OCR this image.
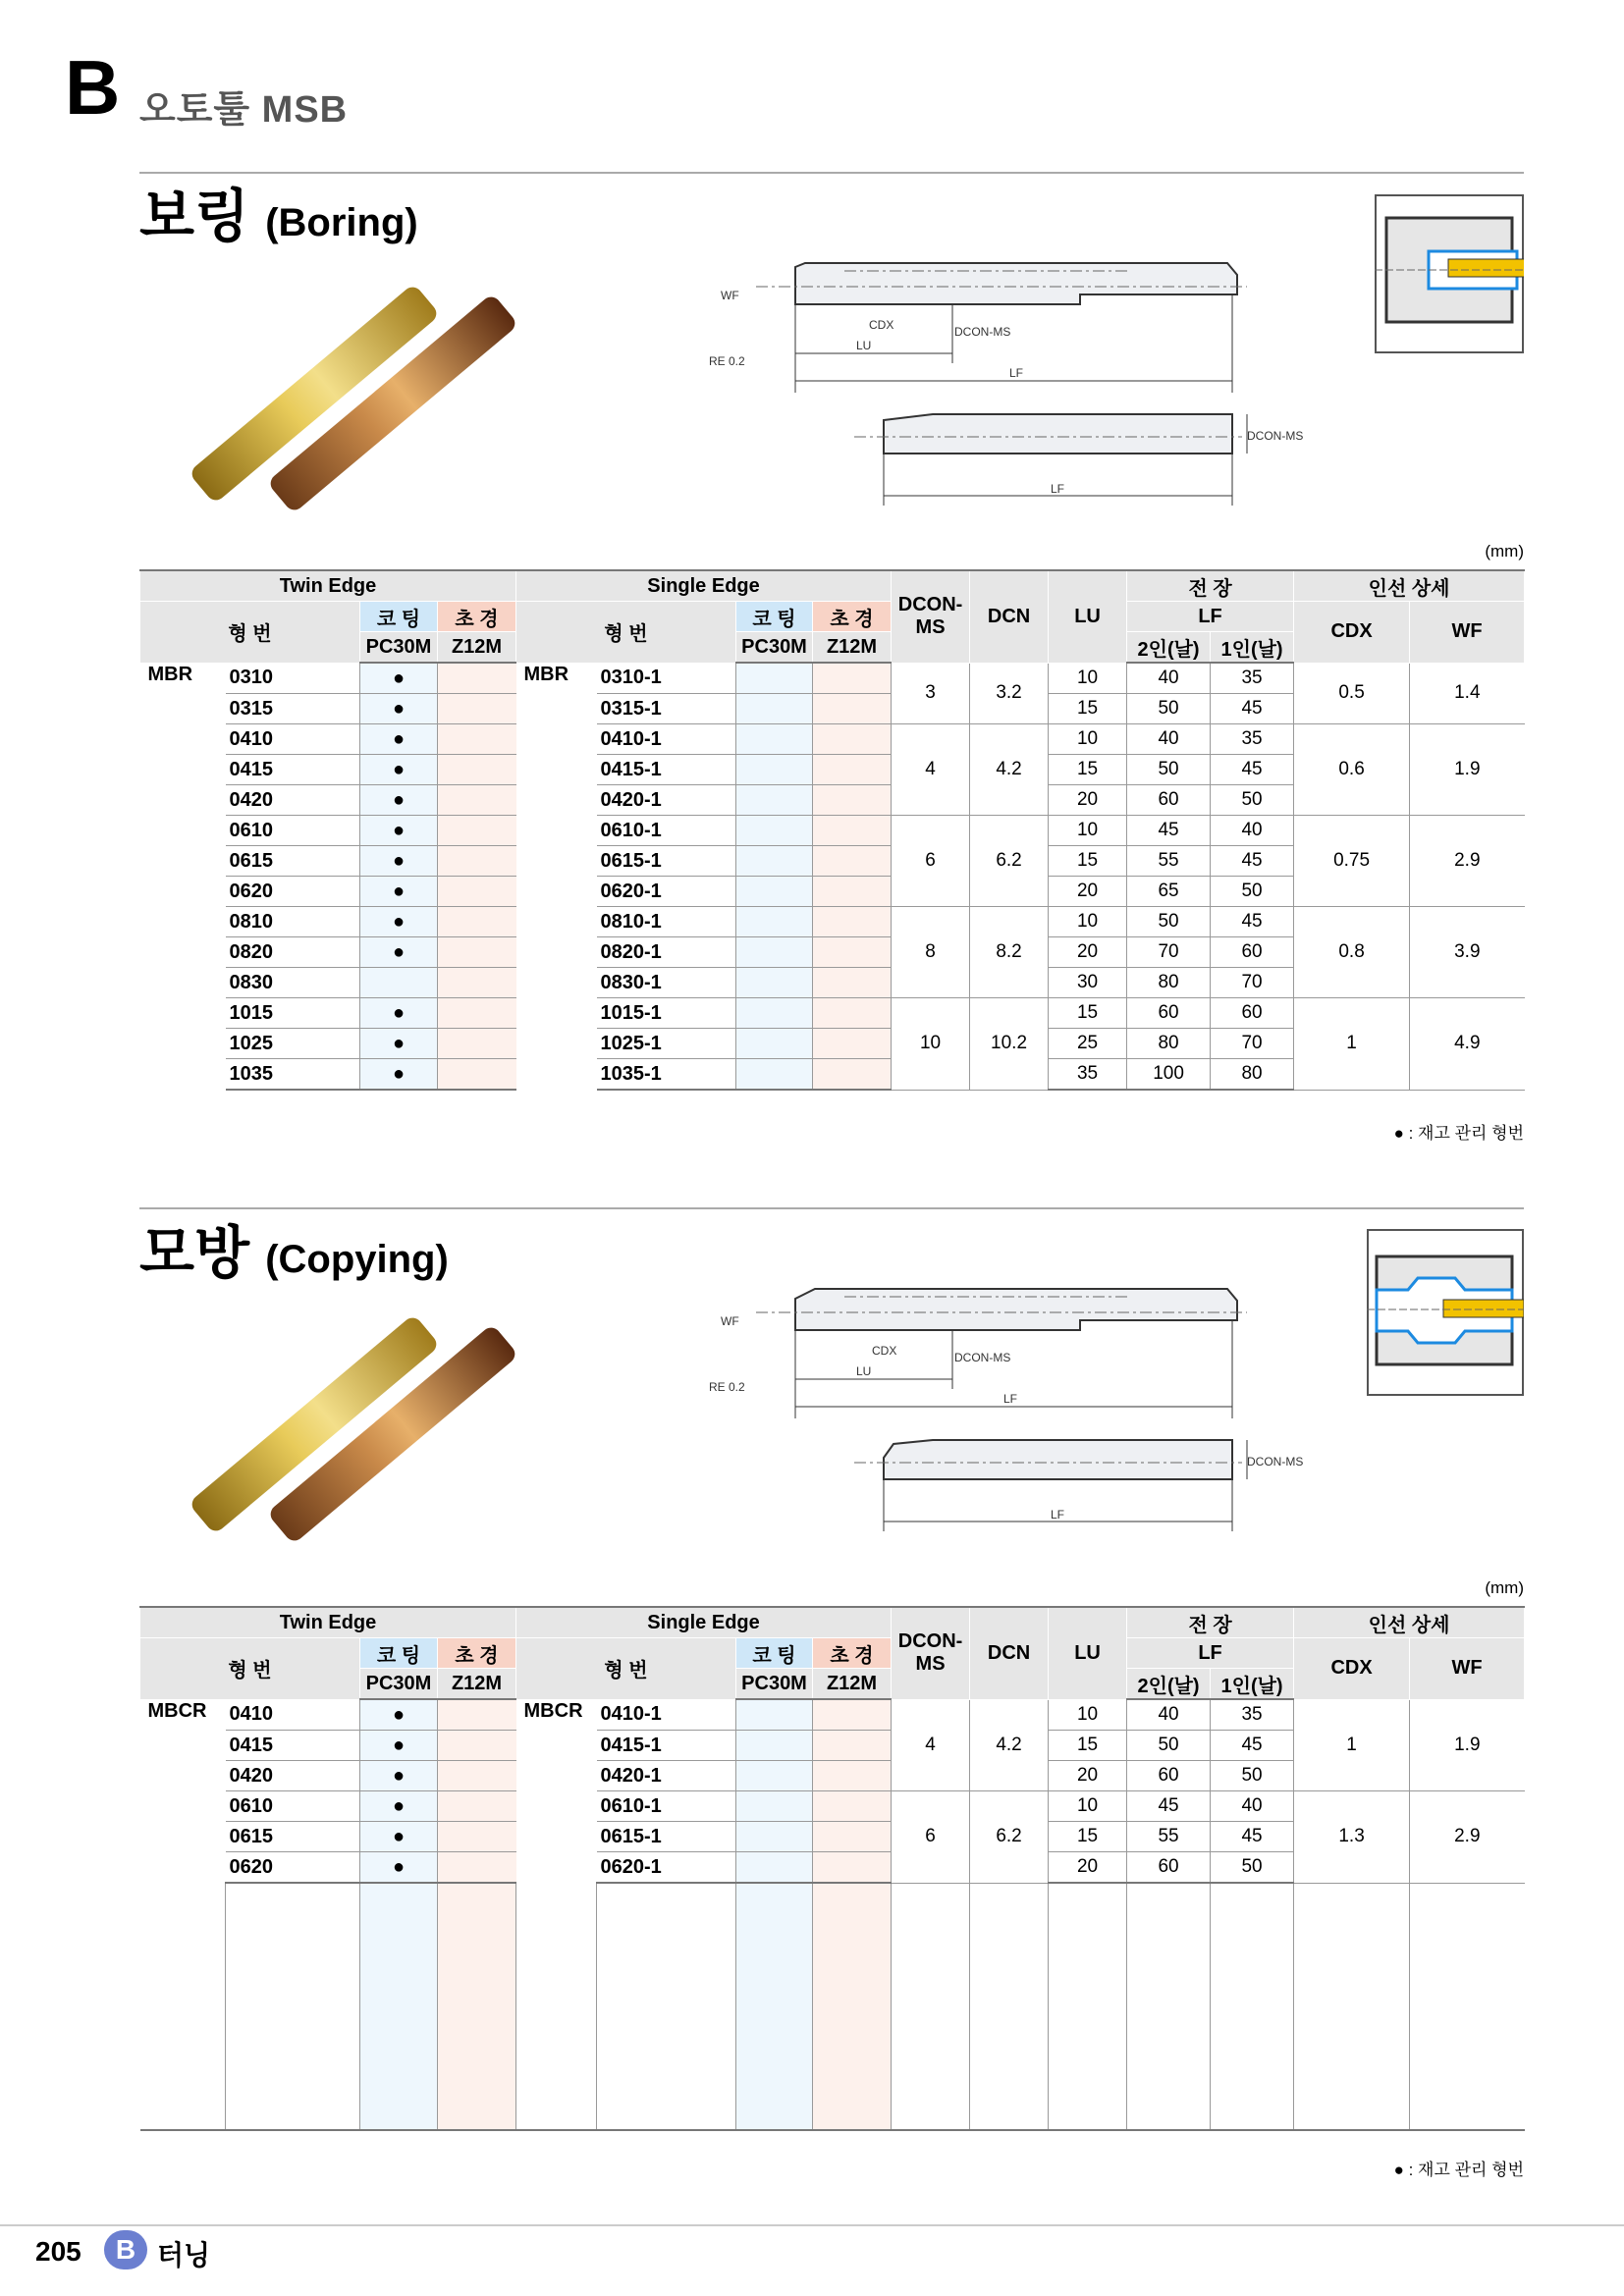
B 오토툴 MSB
보링 (Boring)
WF
CDX
LU
RE 0.2
DCON-MS
LF
DCON-MS
LF
(mm)
Twin Edge				Single Edge				DCON-MS	DCN	LU	전 장		인선 상세	
형 번		코 팅	초 경	형 번		코 팅	초 경				LF		CDX	WF
		PC30M	Z12M			PC30M	Z12M				2인(날)	1인(날)		
MBR	0310	●		MBR	0310-1			3	3.2	10	40	35	0.5	1.4
	0315	●			0315-1					15	50	45		
	0410	●			0410-1			4	4.2	10	40	35	0.6	1.9
	0415	●			0415-1					15	50	45		
	0420	●			0420-1					20	60	50		
	0610	●			0610-1			6	6.2	10	45	40	0.75	2.9
	0615	●			0615-1					15	55	45		
	0620	●			0620-1					20	65	50		
	0810	●			0810-1			8	8.2	10	50	45	0.8	3.9
	0820	●			0820-1					20	70	60		
	0830				0830-1					30	80	70		
	1015	●			1015-1			10	10.2	15	60	60	1	4.9
	1025	●			1025-1					25	80	70		
	1035	●			1035-1					35	100	80		
● : 재고 관리 형번
모방 (Copying)
WF
CDX
LU
RE 0.2
DCON-MS
LF
DCON-MS
LF
(mm)
Twin Edge				Single Edge				DCON-MS	DCN	LU	전 장		인선 상세	
형 번		코 팅	초 경	형 번		코 팅	초 경				LF		CDX	WF
		PC30M	Z12M			PC30M	Z12M				2인(날)	1인(날)		
MBCR	0410	●		MBCR	0410-1			4	4.2	10	40	35	1	1.9
	0415	●			0415-1					15	50	45		
	0420	●			0420-1					20	60	50		
	0610	●			0610-1			6	6.2	10	45	40	1.3	2.9
	0615	●			0615-1					15	55	45		
	0620	●			0620-1					20	60	50		

● : 재고 관리 형번
205	B 터닝
